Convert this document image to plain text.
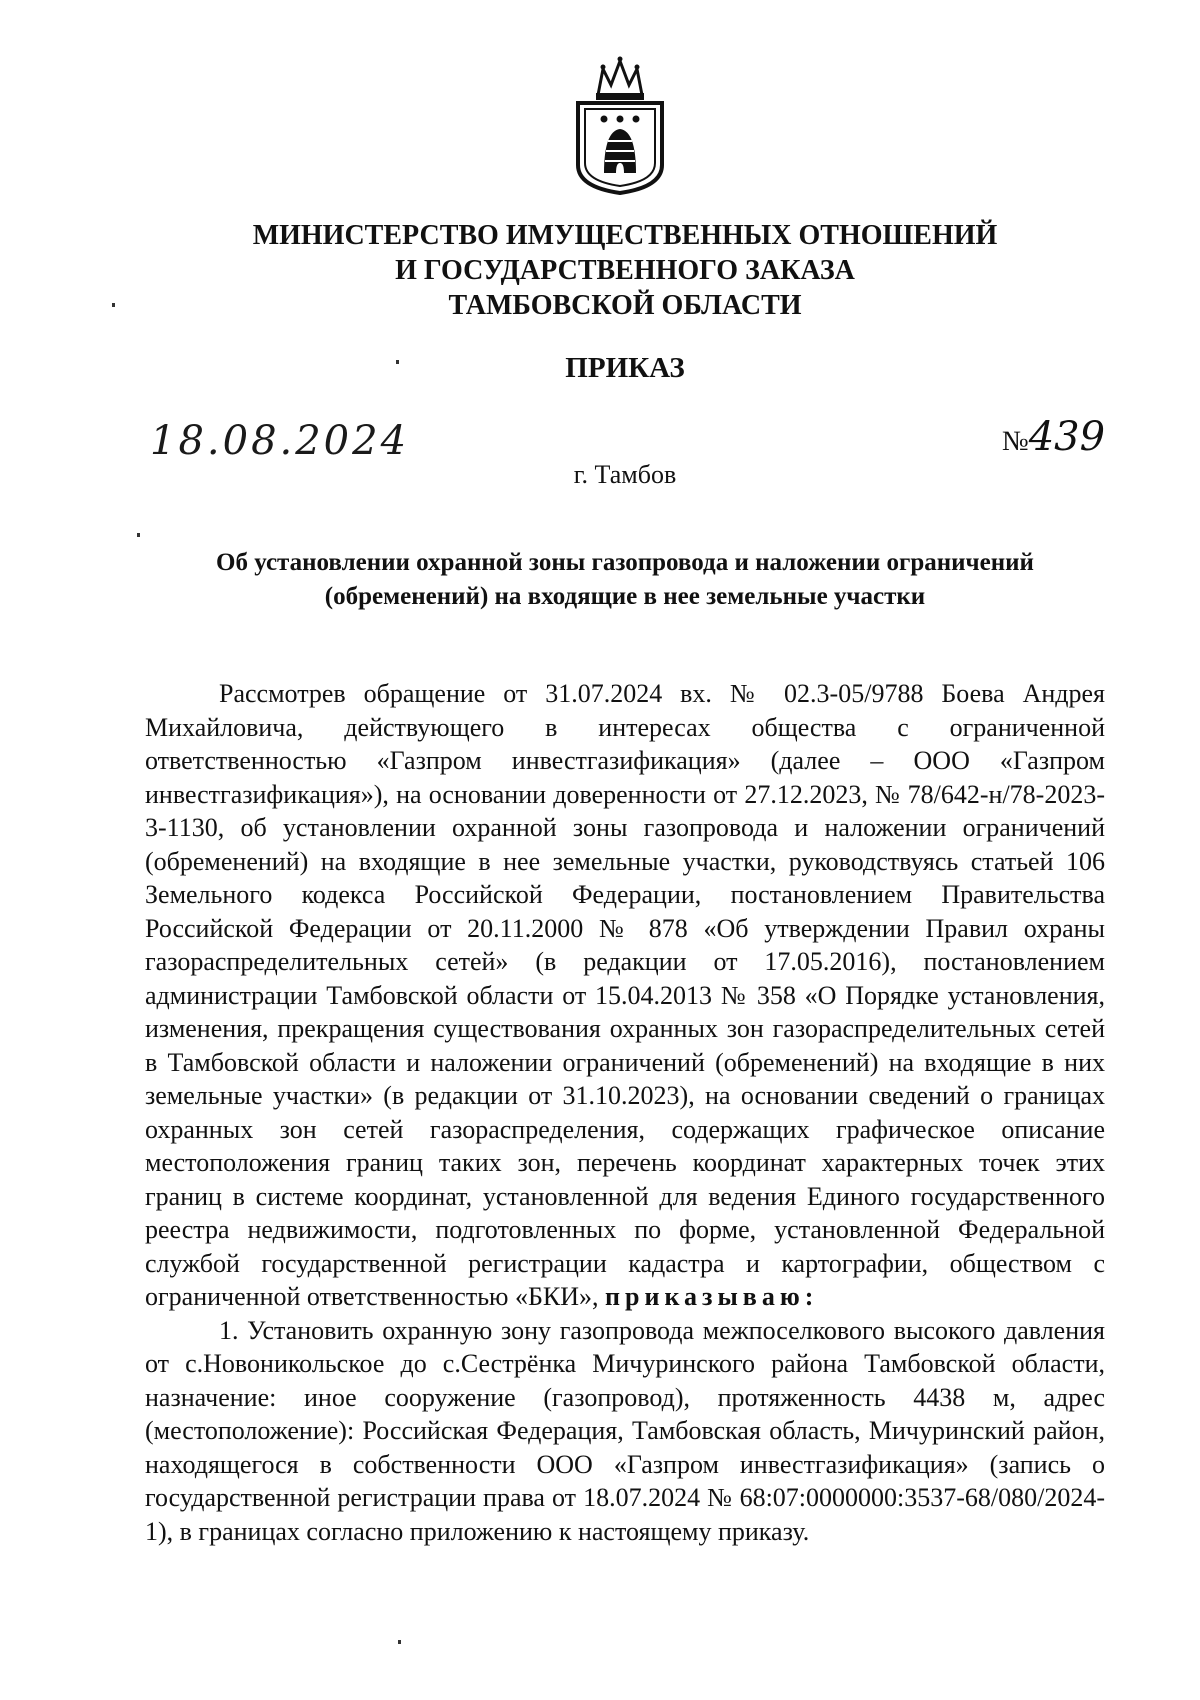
МИНИСТЕРСТВО ИМУЩЕСТВЕННЫХ ОТНОШЕНИЙ
И ГОСУДАРСТВЕННОГО ЗАКАЗА
ТАМБОВСКОЙ ОБЛАСТИ
ПРИКАЗ
18.08.2024	№439
г. Тамбов
Об установлении охранной зоны газопровода и наложении ограничений
(обременений) на входящие в нее земельные участки

Рассмотрев обращение от 31.07.2024 вх. № 02.3-05/9788 Боева Андрея Михайловича, действующего в интересах общества с ограниченной ответственностью «Газпром инвестгазификация» (далее – ООО «Газпром инвестгазификация»), на основании доверенности от 27.12.2023, № 78/642-н/78-2023-3-1130, об установлении охранной зоны газопровода и наложении ограничений (обременений) на входящие в нее земельные участки, руководствуясь статьей 106 Земельного кодекса Российской Федерации, постановлением Правительства Российской Федерации от 20.11.2000 № 878 «Об утверждении Правил охраны газораспределительных сетей» (в редакции от 17.05.2016), постановлением администрации Тамбовской области от 15.04.2013 № 358 «О Порядке установления, изменения, прекращения существования охранных зон газораспределительных сетей в Тамбовской области и наложении ограничений (обременений) на входящие в них земельные участки» (в редакции от 31.10.2023), на основании сведений о границах охранных зон сетей газораспределения, содержащих графическое описание местоположения границ таких зон, перечень координат характерных точек этих границ в системе координат, установленной для ведения Единого государственного реестра недвижимости, подготовленных по форме, установленной Федеральной службой государственной регистрации кадастра и картографии, обществом с ограниченной ответственностью «БКИ», приказываю:

1. Установить охранную зону газопровода межпоселкового высокого давления от с.Новоникольское до с.Сестрёнка Мичуринского района Тамбовской области, назначение: иное сооружение (газопровод), протяженность 4438 м, адрес (местоположение): Российская Федерация, Тамбовская область, Мичуринский район, находящегося в собственности ООО «Газпром инвестгазификация» (запись о государственной регистрации права от 18.07.2024 № 68:07:0000000:3537-68/080/2024-1), в границах согласно приложению к настоящему приказу.
